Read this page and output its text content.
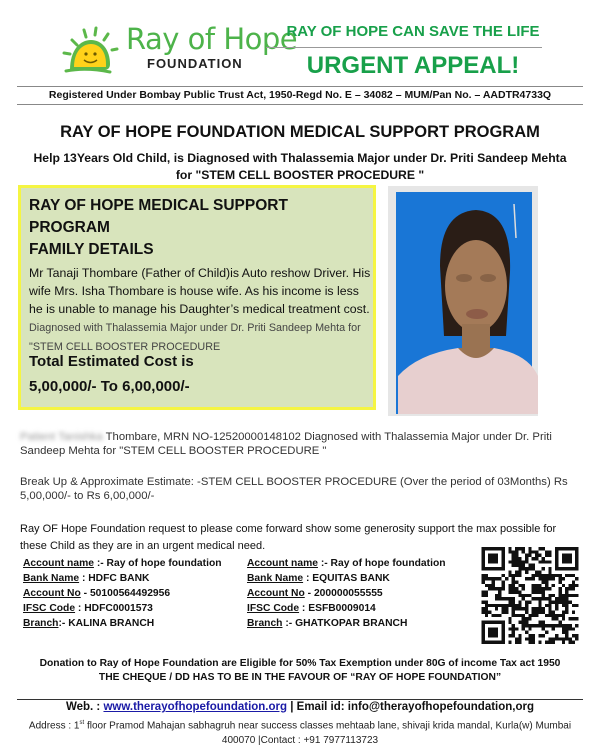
Ray of Hope
FOUNDATION
RAY OF HOPE CAN SAVE THE LIFE
URGENT APPEAL!
Registered Under Bombay Public Trust Act, 1950-Regd No. E – 34082 – MUM/Pan No. – AADTR4733Q
RAY OF HOPE FOUNDATION MEDICAL SUPPORT PROGRAM
Help 13Years Old Child, is Diagnosed with Thalassemia Major under Dr. Priti Sandeep Mehta
for "STEM CELL BOOSTER PROCEDURE "
RAY OF HOPE MEDICAL SUPPORT PROGRAM
FAMILY DETAILS
Mr Tanaji Thombare (Father of Child)is Auto reshow Driver. His wife Mrs. Isha Thombare is house wife. As his income is less he is unable to manage his Daughter’s medical treatment cost. Diagnosed with Thalassemia Major under Dr. Priti Sandeep Mehta for "STEM CELL BOOSTER PROCEDURE
Total Estimated Cost is
5,00,000/- To 6,00,000/-
Patient Tanishka Thombare, MRN NO-12520000148102 Diagnosed with Thalassemia Major under Dr. Priti Sandeep Mehta for "STEM CELL BOOSTER PROCEDURE "
Break Up & Approximate Estimate: -STEM CELL BOOSTER PROCEDURE (Over the period of 03Months) Rs 5,00,000/- to Rs 6,00,000/-
Ray OF Hope Foundation request to please come forward show some generosity support the max possible for these Child as they are in an urgent medical need.
Account name :- Ray of hope foundation
Bank Name : HDFC BANK
Account No - 50100564492956
IFSC Code : HDFC0001573
Branch:- KALINA BRANCH
Account name :- Ray of hope foundation
Bank Name : EQUITAS BANK
Account No - 200000055555
IFSC Code : ESFB0009014
Branch :- GHATKOPAR BRANCH
Donation to Ray of Hope Foundation are Eligible for 50% Tax Exemption under 80G of income Tax act 1950
THE CHEQUE / DD HAS TO BE IN THE FAVOUR OF “RAY OF HOPE FOUNDATION”
Web. : www.therayofhopefoundation.org | Email id: info@therayofhopefoundation,org
Address : 1st floor Pramod Mahajan sabhagruh near success classes mehtaab lane, shivaji krida mandal, Kurla(w) Mumbai
400070 |Contact : +91 7977113723
